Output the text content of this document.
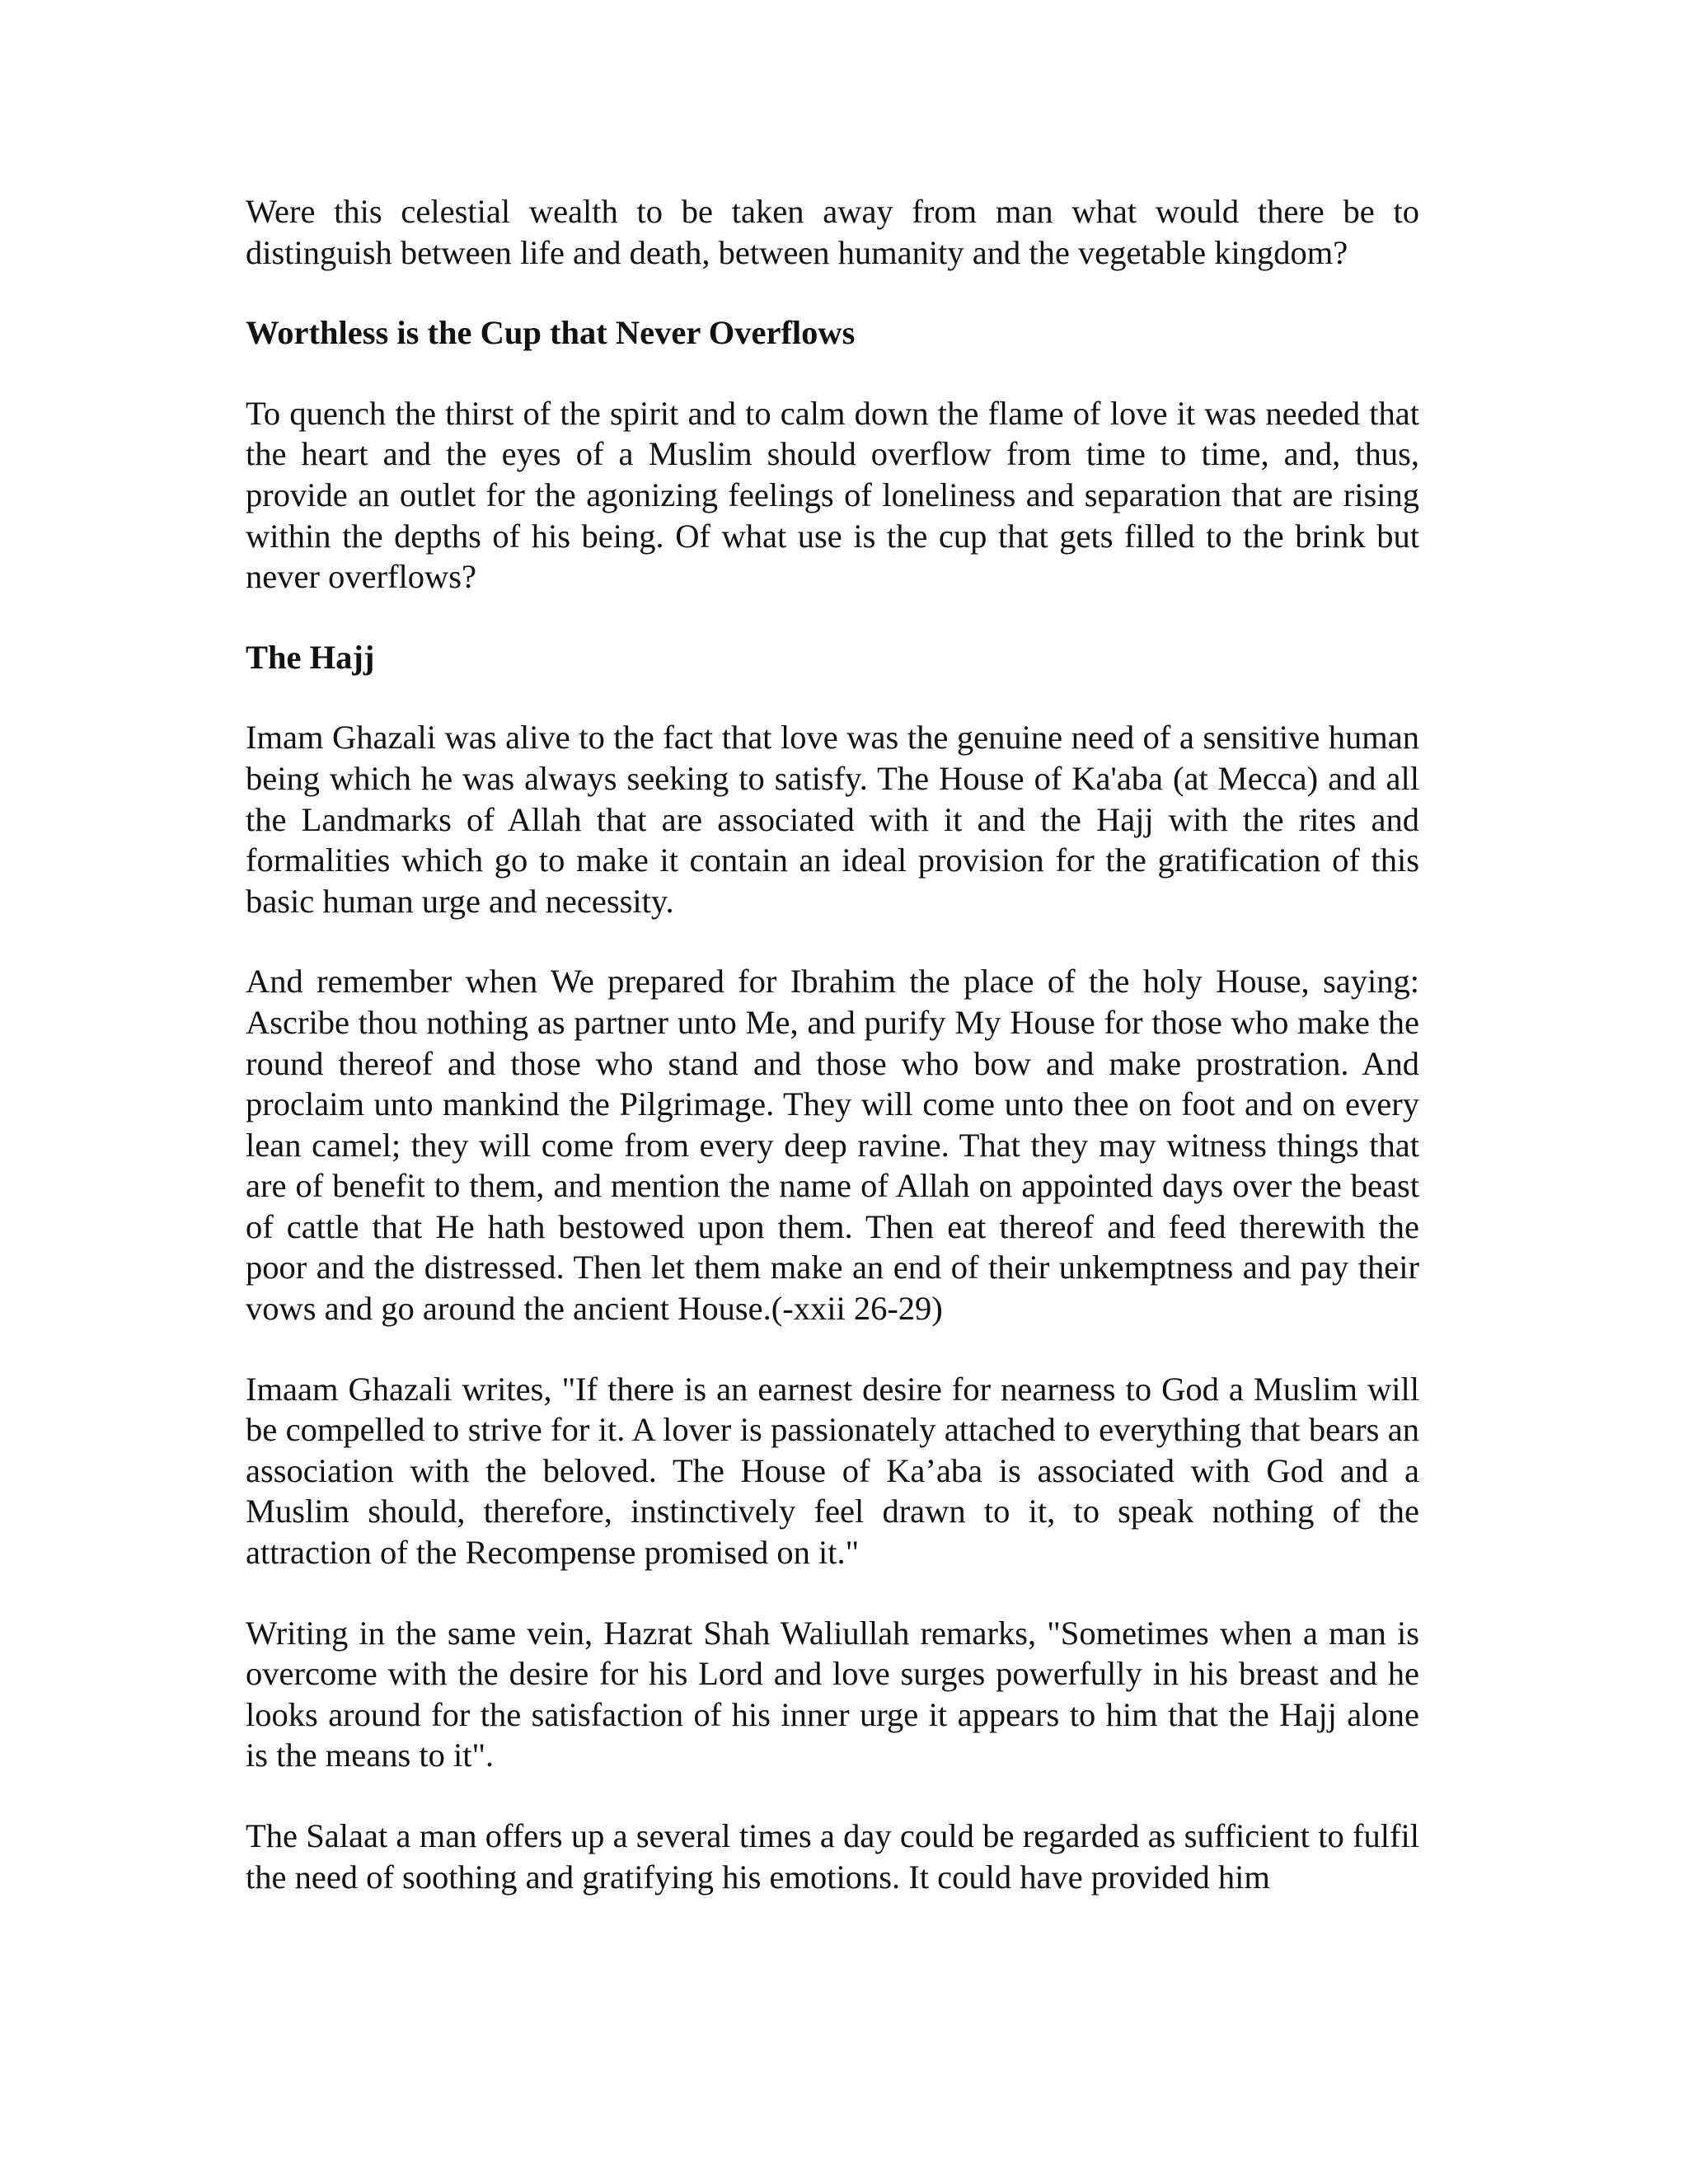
Were this celestial wealth to be taken away from man what would there be to distinguish between life and death, between humanity and the vegetable kingdom?

Worthless is the Cup that Never Overflows

To quench the thirst of the spirit and to calm down the flame of love it was needed that the heart and the eyes of a Muslim should overflow from time to time, and, thus, provide an outlet for the agonizing feelings of loneliness and separation that are rising within the depths of his being. Of what use is the cup that gets filled to the brink but never overflows?

The Hajj

Imam Ghazali was alive to the fact that love was the genuine need of a sensitive human being which he was always seeking to satisfy. The House of Ka'aba (at Mecca) and all the Landmarks of Allah that are associated with it and the Hajj with the rites and formalities which go to make it contain an ideal provision for the gratification of this basic human urge and necessity.

And remember when We prepared for Ibrahim the place of the holy House, saying: Ascribe thou nothing as partner unto Me, and purify My House for those who make the round thereof and those who stand and those who bow and make prostration. And proclaim unto mankind the Pilgrimage. They will come unto thee on foot and on every lean camel; they will come from every deep ravine. That they may witness things that are of benefit to them, and mention the name of Allah on appointed days over the beast of cattle that He hath bestowed upon them. Then eat thereof and feed therewith the poor and the distressed. Then let them make an end of their unkemptness and pay their vows and go around the ancient House.(-xxii 26-29)

Imaam Ghazali writes, "If there is an earnest desire for nearness to God a Muslim will be compelled to strive for it. A lover is passionately attached to everything that bears an association with the beloved. The House of Ka’aba is associated with God and a Muslim should, therefore, instinctively feel drawn to it, to speak nothing of the attraction of the Recompense promised on it."

Writing in the same vein, Hazrat Shah Waliullah remarks, "Sometimes when a man is overcome with the desire for his Lord and love surges powerfully in his breast and he looks around for the satisfaction of his inner urge it appears to him that the Hajj alone is the means to it".

The Salaat a man offers up a several times a day could be regarded as sufficient to fulfil the need of soothing and gratifying his emotions. It could have provided him
